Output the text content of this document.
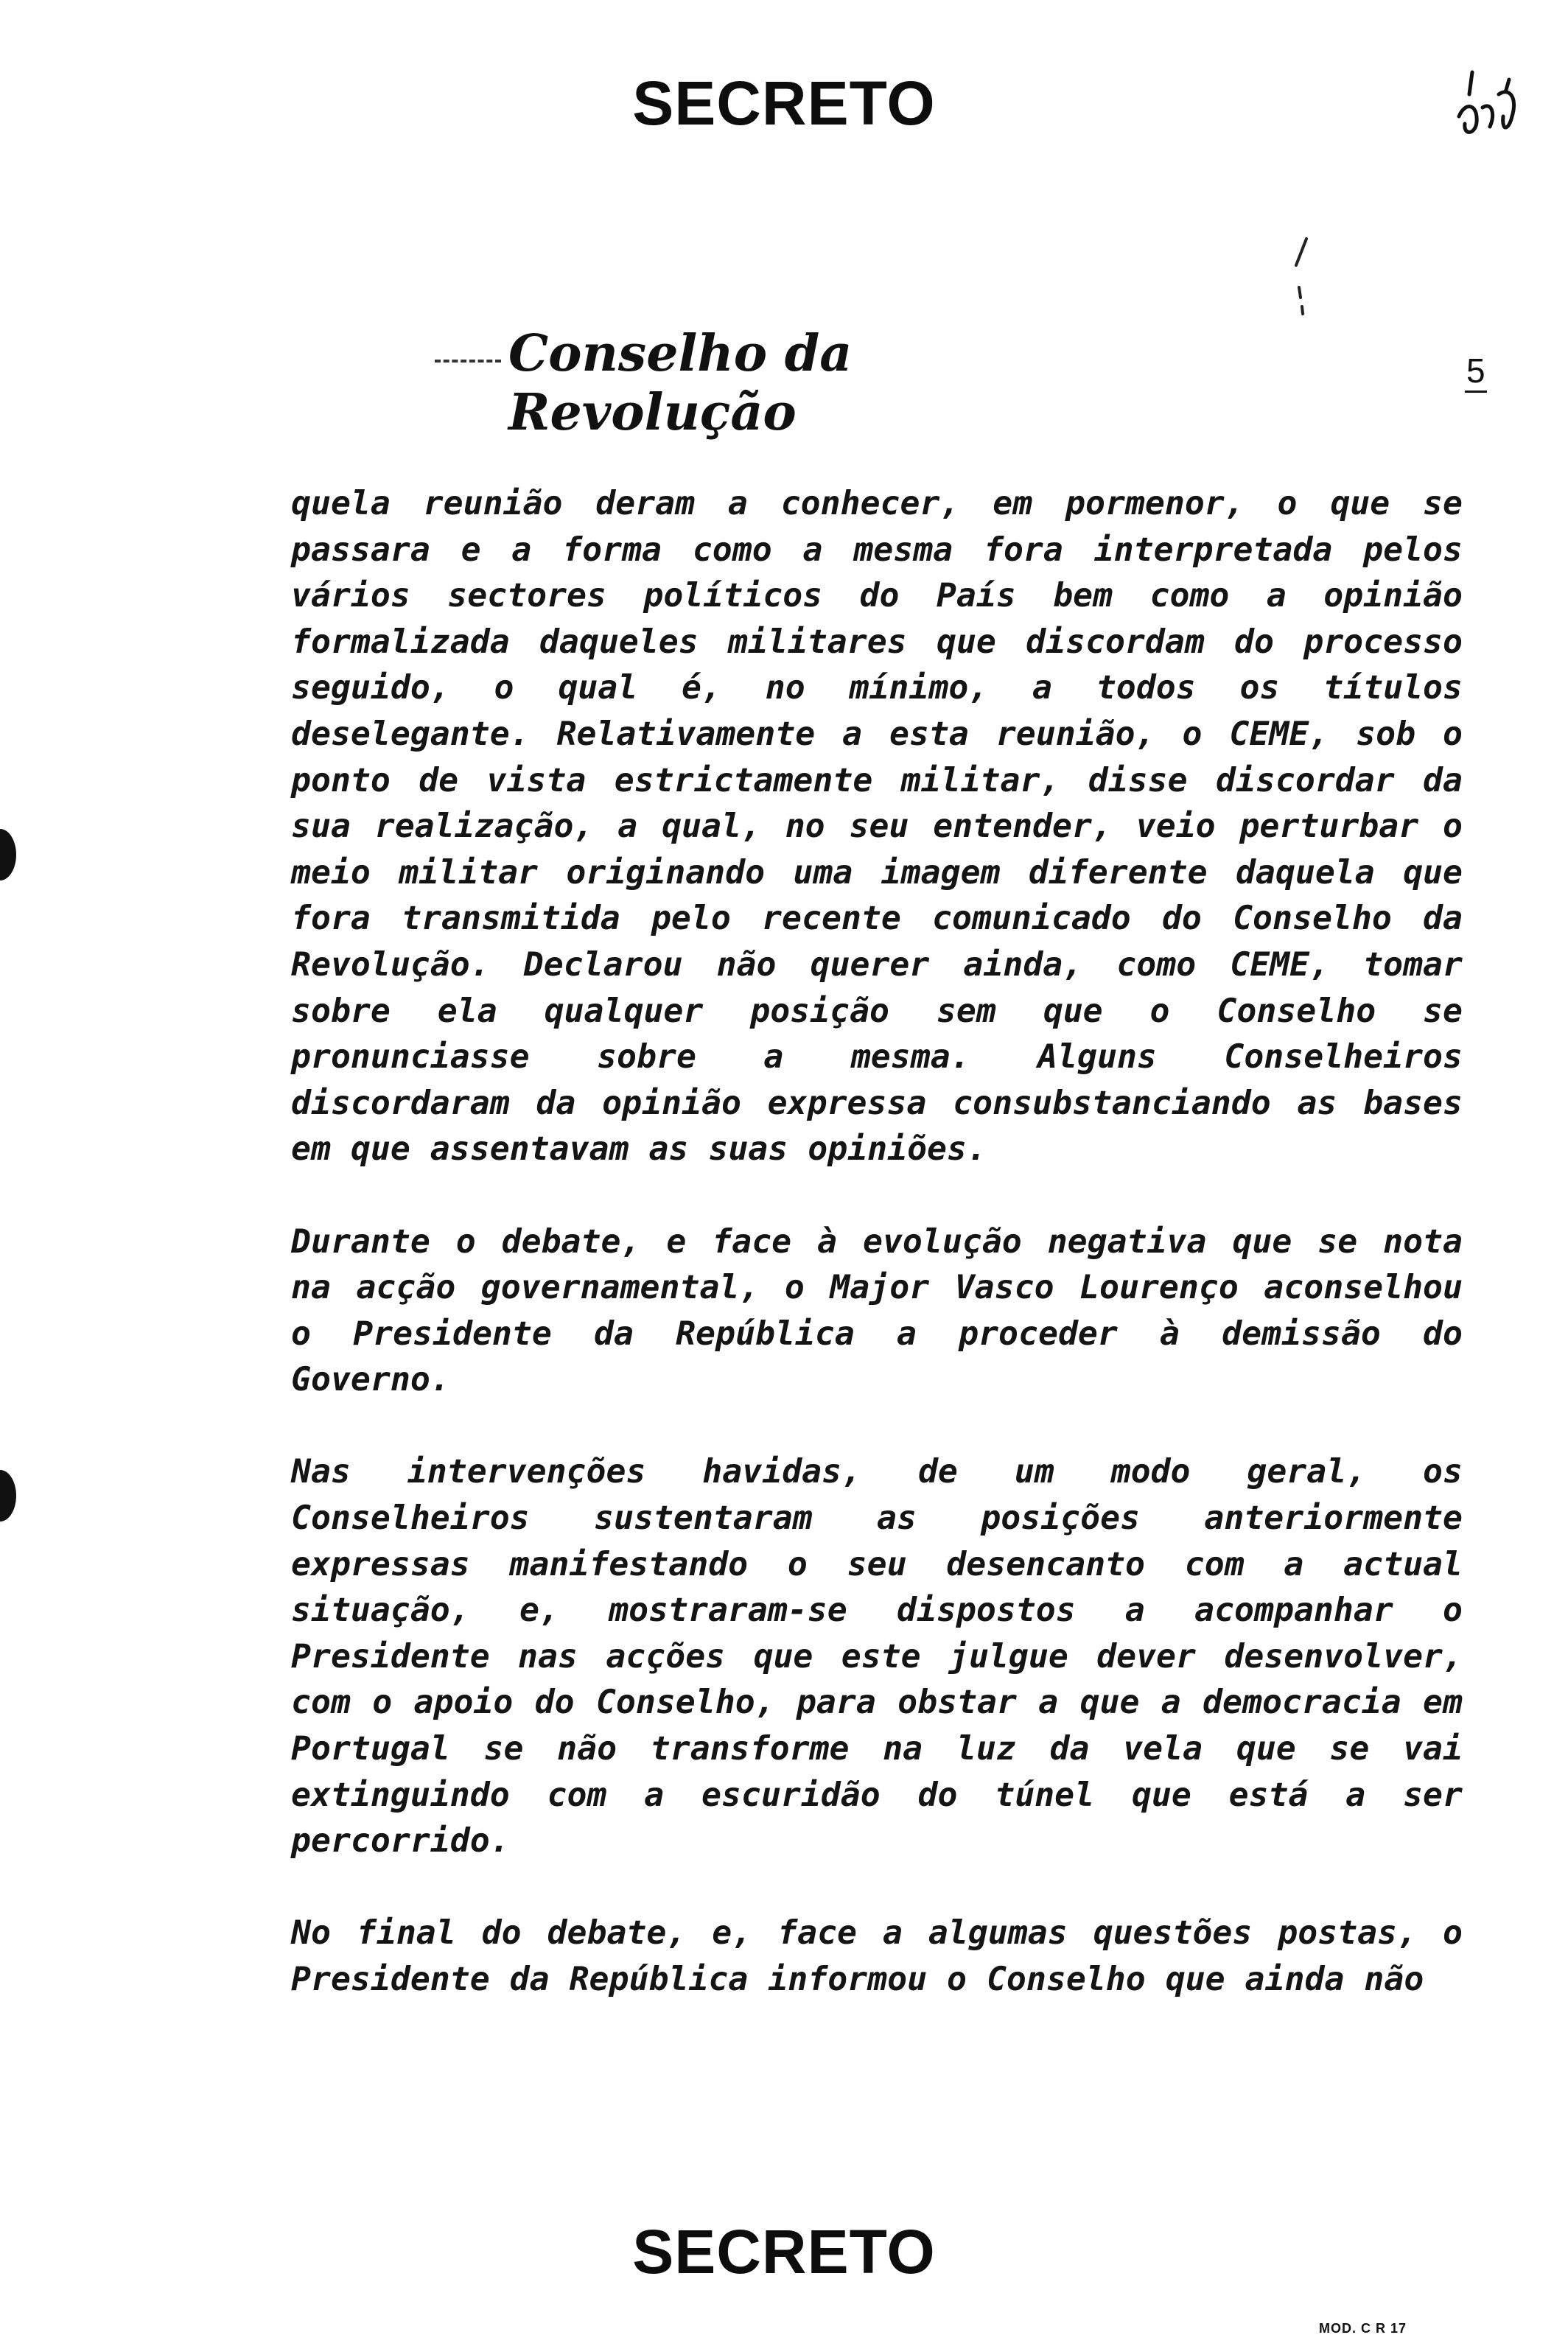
SECRETO
Conselho da Revolução
5

quela reunião deram a conhecer, em pormenor, o que se passara e a forma como a mesma fora interpretada pelos vários sectores políticos do País bem como a opinião formalizada daqueles militares que discordam do processo seguido, o qual é, no mínimo, a todos os títulos deselegante. Relativamente a esta reunião, o CEME, sob o ponto de vista estrictamente militar, disse discordar da sua realização, a qual, no seu entender, veio perturbar o meio militar originando uma imagem diferente daquela que fora transmitida pelo recente comunicado do Conselho da Revolução. Declarou não querer ainda, como CEME, tomar sobre ela qualquer posição sem que o Conselho se pronunciasse sobre a mesma. Alguns Conselheiros discordaram da opinião expressa consubstanciando as bases em que assentavam as suas opiniões.

Durante o debate, e face à evolução negativa que se nota na acção governamental, o Major Vasco Lourenço aconselhou o Presidente da República a proceder à demissão do Governo.

Nas intervenções havidas, de um modo geral, os Conselheiros sustentaram as posições anteriormente expressas manifestando o seu desencanto com a actual situação, e, mostraram-se dispostos a acompanhar o Presidente nas acções que este julgue dever desenvolver, com o apoio do Conselho, para obstar a que a democracia em Portugal se não transforme na luz da vela que se vai extinguindo com a escuridão do túnel que está a ser percorrido.

No final do debate, e, face a algumas questões postas, o Presidente da República informou o Conselho que ainda não

SECRETO
MOD. C R 17
